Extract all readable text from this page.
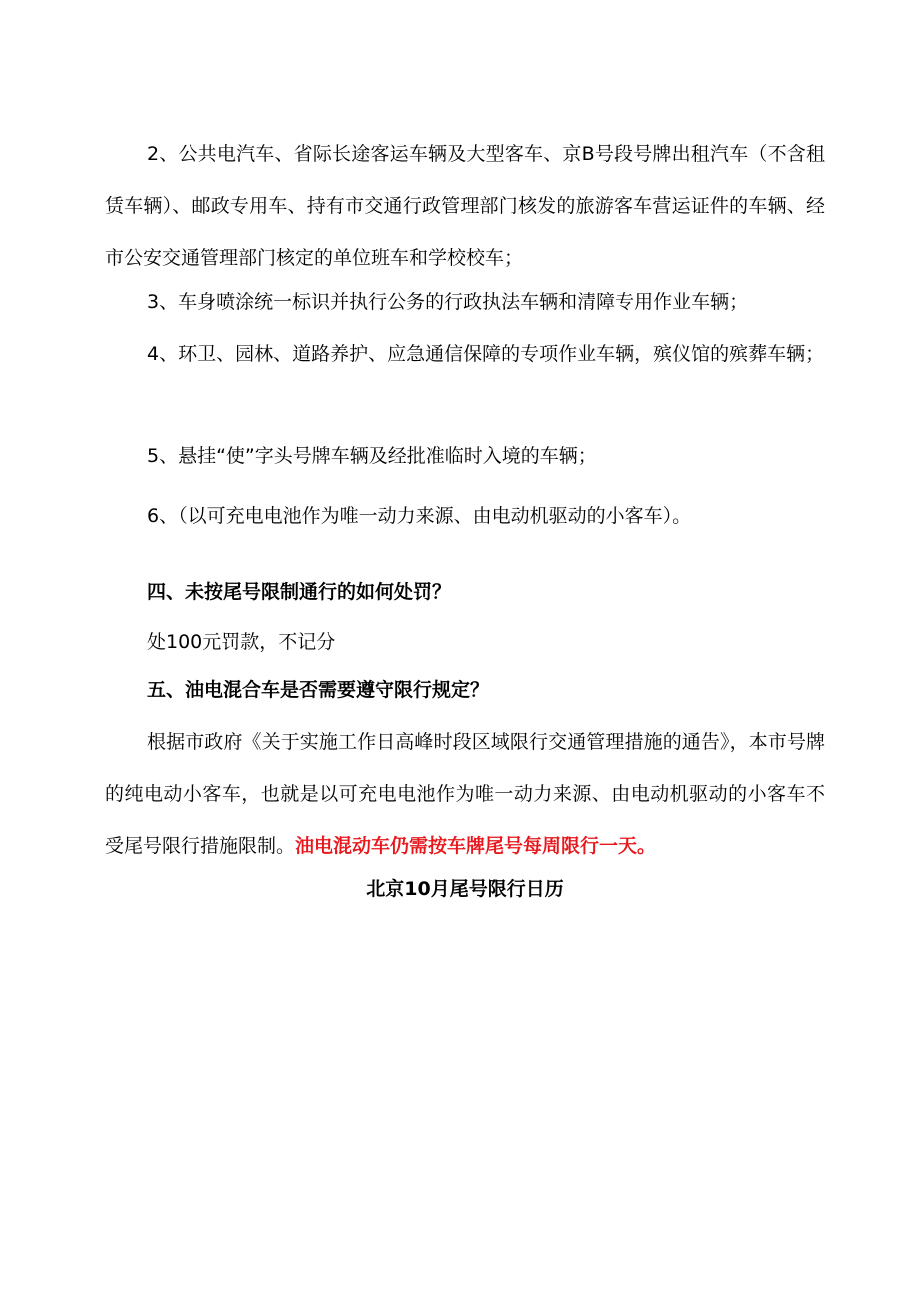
2、公共电汽车、省际长途客运车辆及大型客车、京B号段号牌出租汽车（不含租赁车辆）、邮政专用车、持有市交通行政管理部门核发的旅游客车营运证件的车辆、经市公安交通管理部门核定的单位班车和学校校车；

3、车身喷涂统一标识并执行公务的行政执法车辆和清障专用作业车辆；

4、环卫、园林、道路养护、应急通信保障的专项作业车辆，殡仪馆的殡葬车辆；

5、悬挂“使”字头号牌车辆及经批准临时入境的车辆；

6、（以可充电电池作为唯一动力来源、由电动机驱动的小客车）。

四、未按尾号限制通行的如何处罚？

处100元罚款，不记分

五、油电混合车是否需要遵守限行规定？

根据市政府《关于实施工作日高峰时段区域限行交通管理措施的通告》，本市号牌的纯电动小客车，也就是以可充电电池作为唯一动力来源、由电动机驱动的小客车不受尾号限行措施限制。油电混动车仍需按车牌尾号每周限行一天。

北京10月尾号限行日历
